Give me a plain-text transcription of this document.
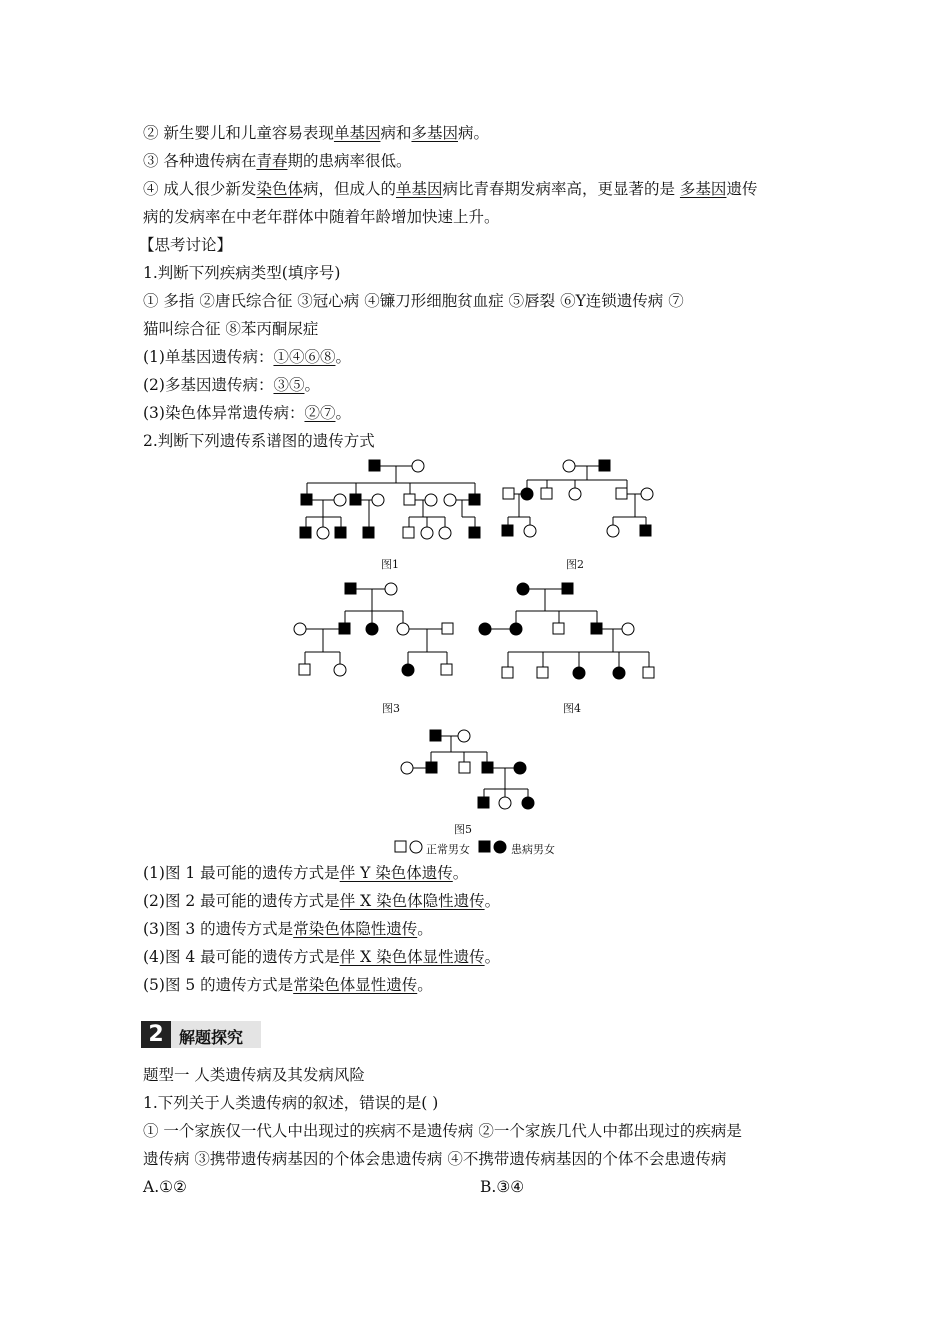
② 新生婴儿和儿童容易表现单基因病和多基因病。
③ 各种遗传病在青春期的患病率很低。
④ 成人很少新发染色体病，但成人的单基因病比青春期发病率高，更显著的是 多基因遗传
病的发病率在中老年群体中随着年龄增加快速上升。
【思考讨论】
1.判断下列疾病类型(填序号)
① 多指 ②唐氏综合征 ③冠心病 ④镰刀形细胞贫血症 ⑤唇裂 ⑥Y连锁遗传病 ⑦
猫叫综合征 ⑧苯丙酮尿症
(1)单基因遗传病：①④⑥⑧。
(2)多基因遗传病：③⑤。
(3)染色体异常遗传病：②⑦。
2.判断下列遗传系谱图的遗传方式
图1	图2
图3	图4
图5
正常男女	患病男女
(1)图 1 最可能的遗传方式是伴 Y 染色体遗传。
(2)图 2 最可能的遗传方式是伴 X 染色体隐性遗传。
(3)图 3 的遗传方式是常染色体隐性遗传。
(4)图 4 最可能的遗传方式是伴 X 染色体显性遗传。
(5)图 5 的遗传方式是常染色体显性遗传。
2 解题探究
题型一 人类遗传病及其发病风险
1.下列关于人类遗传病的叙述，错误的是( )
① 一个家族仅一代人中出现过的疾病不是遗传病 ②一个家族几代人中都出现过的疾病是
遗传病 ③携带遗传病基因的个体会患遗传病 ④不携带遗传病基因的个体不会患遗传病
A.①②	B.③④
